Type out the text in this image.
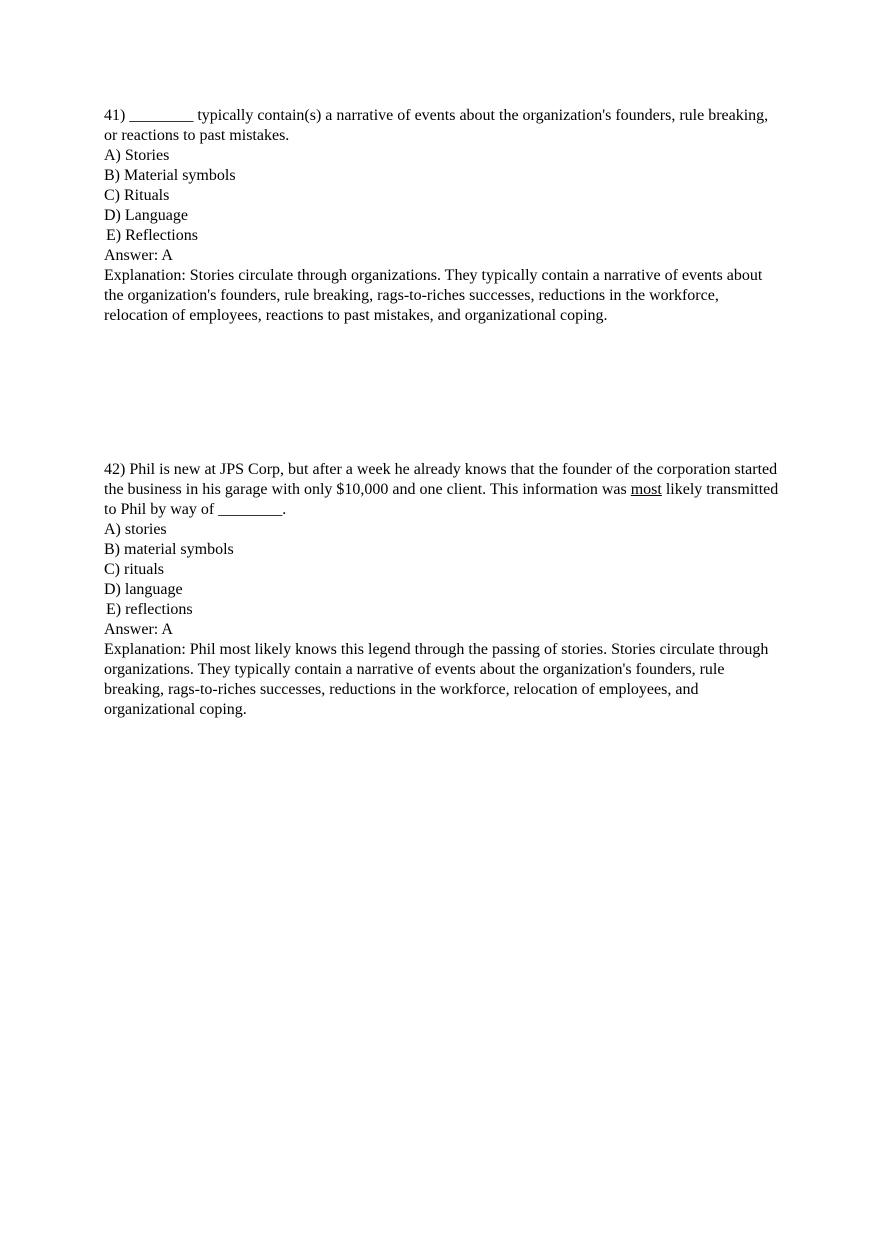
41) ________ typically contain(s) a narrative of events about the organization's founders, rule breaking, or reactions to past mistakes.
A) Stories
B) Material symbols
C) Rituals
D) Language
E) Reflections
Answer: A
Explanation: Stories circulate through organizations. They typically contain a narrative of events about the organization's founders, rule breaking, rags-to-riches successes, reductions in the workforce, relocation of employees, reactions to past mistakes, and organizational coping.
42) Phil is new at JPS Corp, but after a week he already knows that the founder of the corporation started the business in his garage with only $10,000 and one client. This information was most likely transmitted to Phil by way of ________.
A) stories
B) material symbols
C) rituals
D) language
E) reflections
Answer: A
Explanation: Phil most likely knows this legend through the passing of stories. Stories circulate through organizations. They typically contain a narrative of events about the organization's founders, rule breaking, rags-to-riches successes, reductions in the workforce, relocation of employees, and organizational coping.
